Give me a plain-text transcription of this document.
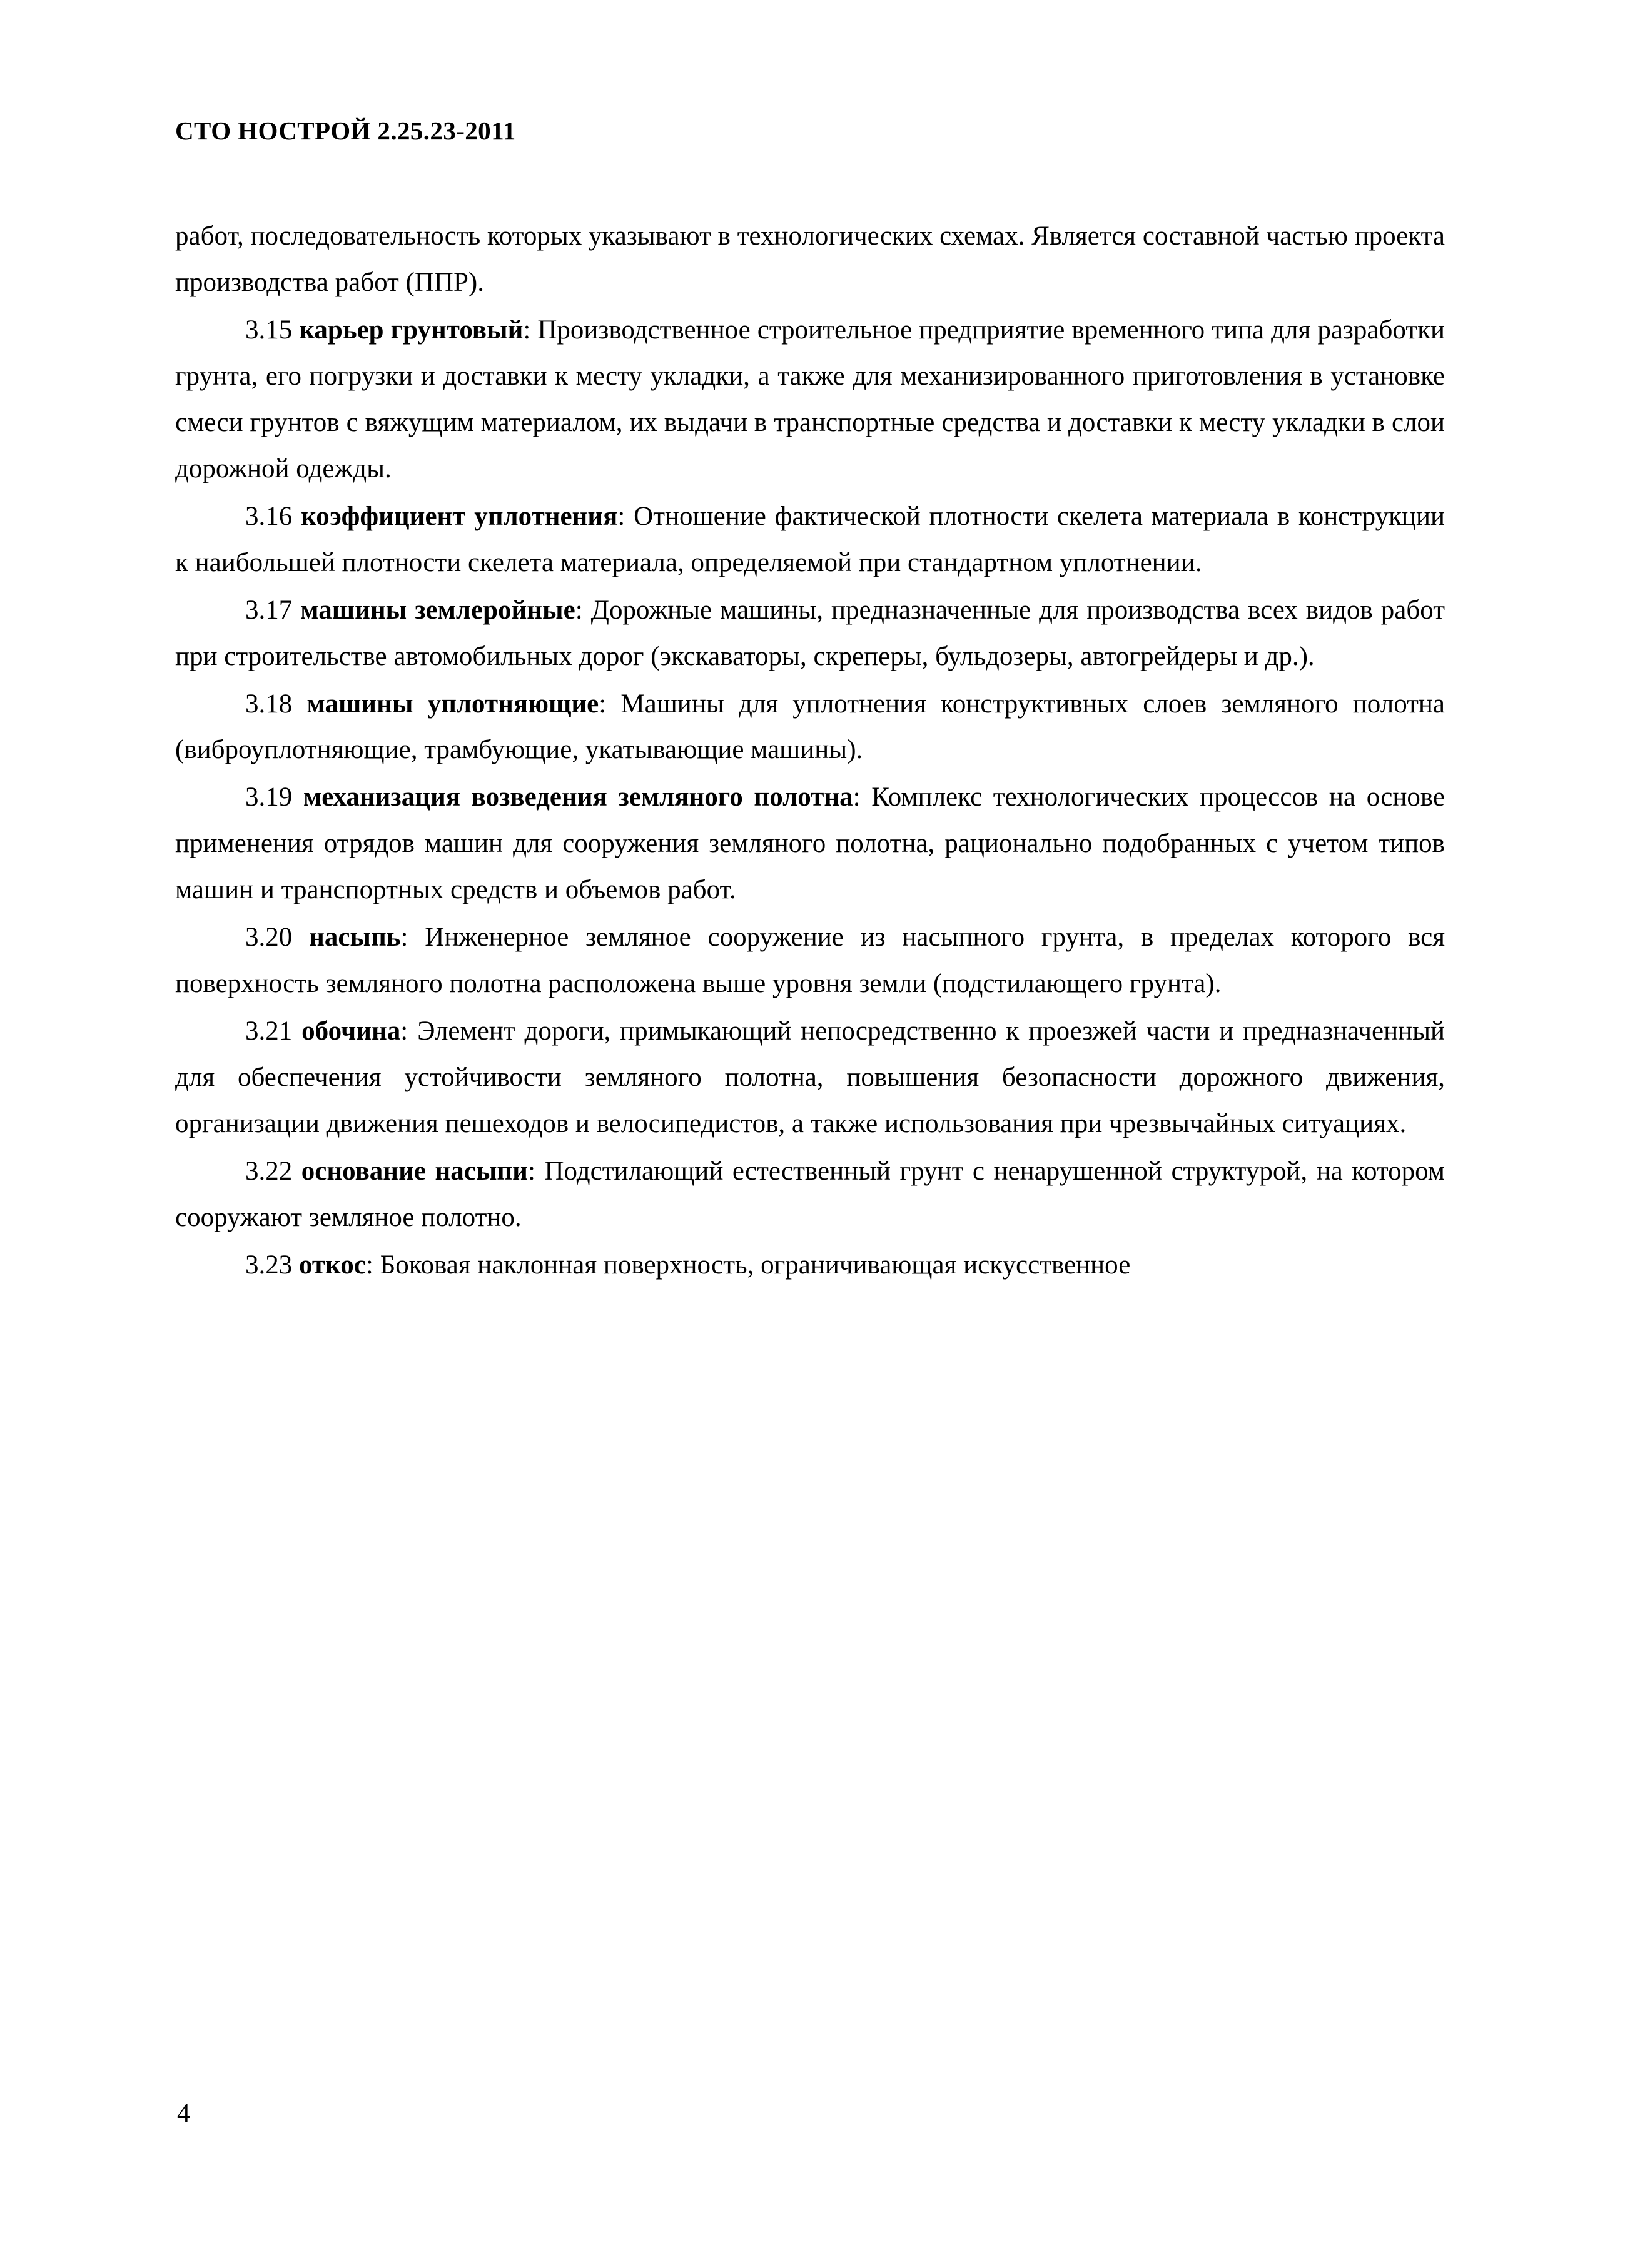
СТО НОСТРОЙ 2.25.23-2011
работ, последовательность которых указывают в технологических схемах. Является составной частью проекта производства работ (ППР).
3.15 карьер грунтовый: Производственное строительное предприятие временного типа для разработки грунта, его погрузки и доставки к месту укладки, а также для механизированного приготовления в установке смеси грунтов с вяжущим материалом, их выдачи в транспортные средства и доставки к месту укладки в слои дорожной одежды.
3.16 коэффициент уплотнения: Отношение фактической плотности скелета материала в конструкции к наибольшей плотности скелета материала, определяемой при стандартном уплотнении.
3.17 машины землеройные: Дорожные машины, предназначенные для производства всех видов работ при строительстве автомобильных дорог (экскаваторы, скреперы, бульдозеры, автогрейдеры и др.).
3.18 машины уплотняющие: Машины для уплотнения конструктивных слоев земляного полотна (виброуплотняющие, трамбующие, укатывающие машины).
3.19 механизация возведения земляного полотна: Комплекс технологических процессов на основе применения отрядов машин для сооружения земляного полотна, рационально подобранных с учетом типов машин и транспортных средств и объемов работ.
3.20 насыпь: Инженерное земляное сооружение из насыпного грунта, в пределах которого вся поверхность земляного полотна расположена выше уровня земли (подстилающего грунта).
3.21 обочина: Элемент дороги, примыкающий непосредственно к проезжей части и предназначенный для обеспечения устойчивости земляного полотна, повышения безопасности дорожного движения, организации движения пешеходов и велосипедистов, а также использования при чрезвычайных ситуациях.
3.22 основание насыпи: Подстилающий естественный грунт с ненарушенной структурой, на котором сооружают земляное полотно.
3.23 откос: Боковая наклонная поверхность, ограничивающая искусственное
4
